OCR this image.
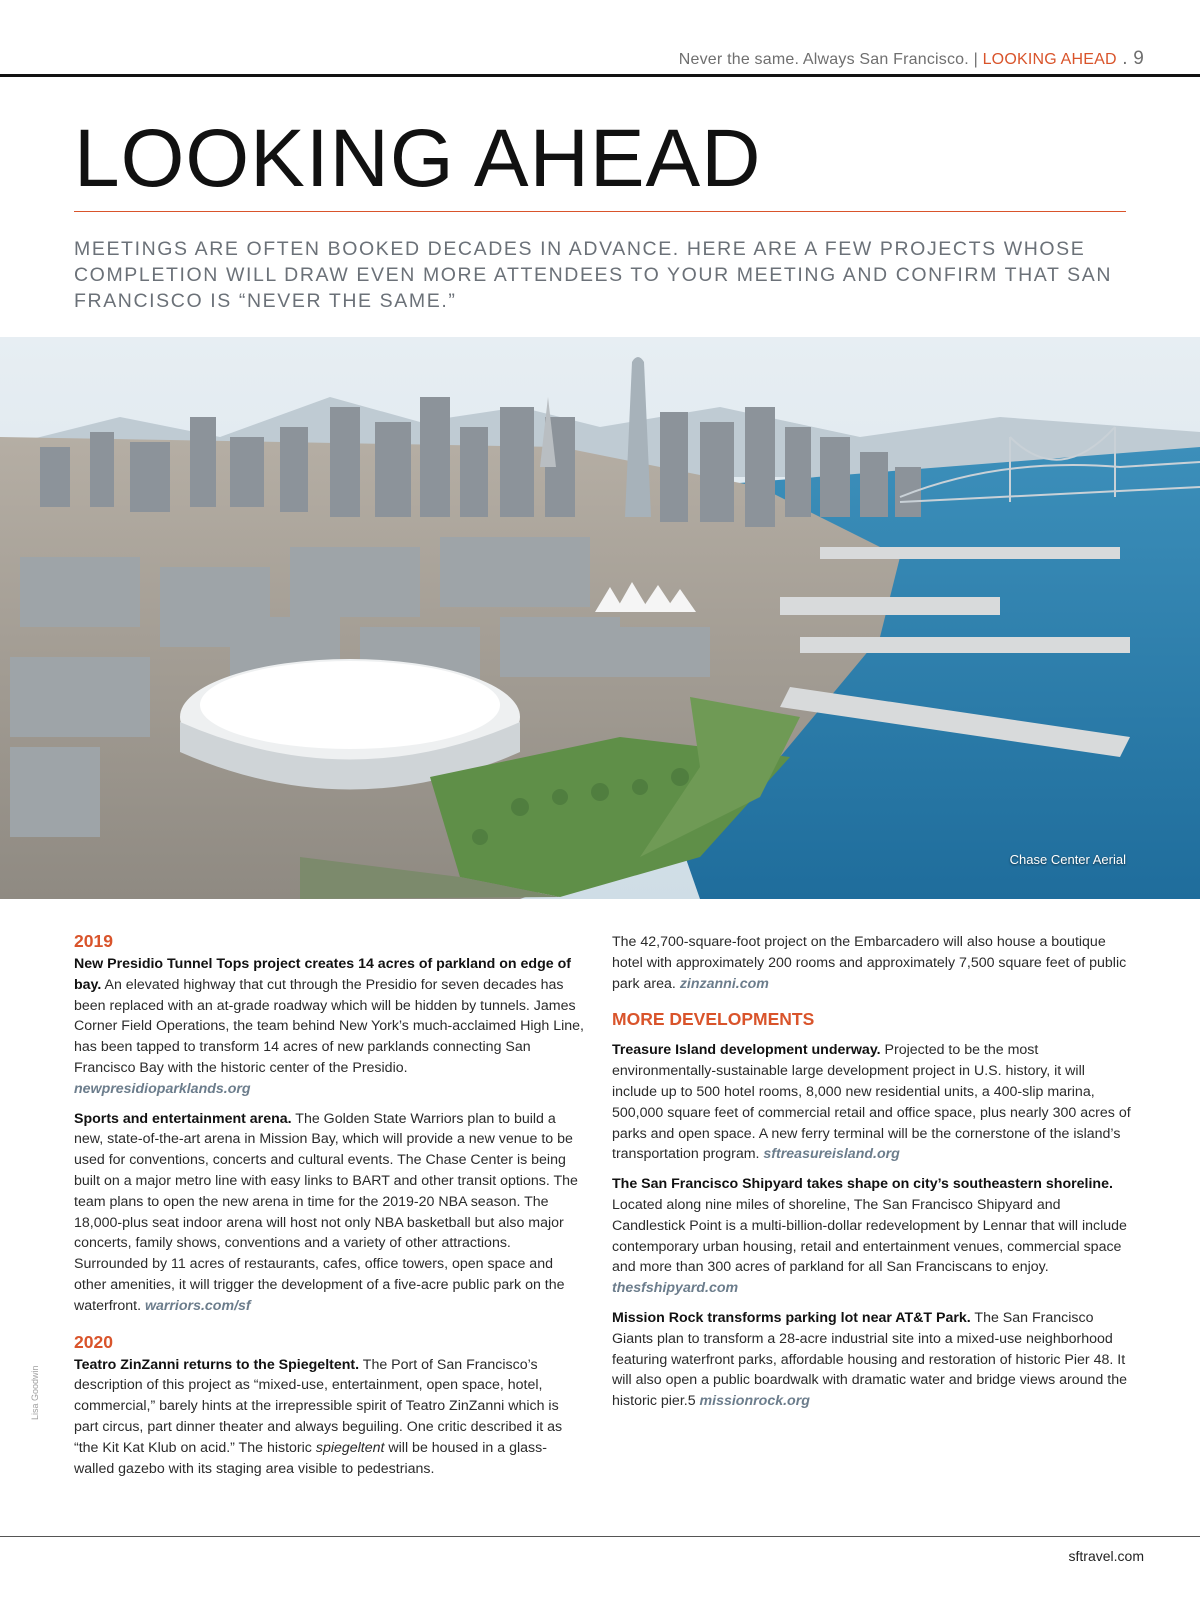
Never the same. Always San Francisco. | LOOKING AHEAD . 9
LOOKING AHEAD

MEETINGS ARE OFTEN BOOKED DECADES IN ADVANCE. HERE ARE A FEW PROJECTS WHOSE COMPLETION WILL DRAW EVEN MORE ATTENDEES TO YOUR MEETING AND CONFIRM THAT SAN FRANCISCO IS “NEVER THE SAME.”

Chase Center Aerial
2019

New Presidio Tunnel Tops project creates 14 acres of parkland on edge of bay. An elevated highway that cut through the Presidio for seven decades has been replaced with an at-grade roadway which will be hidden by tunnels. James Corner Field Operations, the team behind New York’s much-acclaimed High Line, has been tapped to transform 14 acres of new parklands connecting San Francisco Bay with the historic center of the Presidio. newpresidioparklands.org

Sports and entertainment arena. The Golden State Warriors plan to build a new, state-of-the-art arena in Mission Bay, which will provide a new venue to be used for conventions, concerts and cultural events. The Chase Center is being built on a major metro line with easy links to BART and other transit options. The team plans to open the new arena in time for the 2019-20 NBA season. The 18,000-plus seat indoor arena will host not only NBA basketball but also major concerts, family shows, conventions and a variety of other attractions. Surrounded by 11 acres of restaurants, cafes, office towers, open space and other amenities, it will trigger the development of a five-acre public park on the waterfront. warriors.com/sf

2020

Teatro ZinZanni returns to the Spiegeltent. The Port of San Francisco’s description of this project as “mixed-use, entertainment, open space, hotel, commercial,” barely hints at the irrepressible spirit of Teatro ZinZanni which is part circus, part dinner theater and always beguiling. One critic described it as “the Kit Kat Klub on acid.” The historic spiegeltent will be housed in a glass-walled gazebo with its staging area visible to pedestrians.

The 42,700-square-foot project on the Embarcadero will also house a boutique hotel with approximately 200 rooms and approximately 7,500 square feet of public park area. zinzanni.com

MORE DEVELOPMENTS

Treasure Island development underway. Projected to be the most environmentally-sustainable large development project in U.S. history, it will include up to 500 hotel rooms, 8,000 new residential units, a 400-slip marina, 500,000 square feet of commercial retail and office space, plus nearly 300 acres of parks and open space. A new ferry terminal will be the cornerstone of the island’s transportation program. sftreasureisland.org

The San Francisco Shipyard takes shape on city’s southeastern shoreline. Located along nine miles of shoreline, The San Francisco Shipyard and Candlestick Point is a multi-billion-dollar redevelopment by Lennar that will include contemporary urban housing, retail and entertainment venues, commercial space and more than 300 acres of parkland for all San Franciscans to enjoy. thesfshipyard.com

Mission Rock transforms parking lot near AT&T Park. The San Francisco Giants plan to transform a 28-acre industrial site into a mixed-use neighborhood featuring waterfront parks, affordable housing and restoration of historic Pier 48. It will also open a public boardwalk with dramatic water and bridge views around the historic pier.5 missionrock.org

Lisa Goodwin
sftravel.com
